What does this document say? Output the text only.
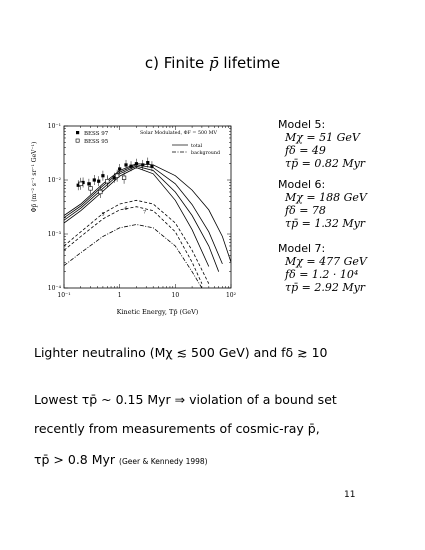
c) Finite p̄ lifetime
10⁻¹	1	10	10²
10⁻⁴
10⁻³
10⁻²
10⁻¹
Kinetic Energy, Tp̄ (GeV)
Φp̄ (m⁻² s⁻¹ sr⁻¹ GeV⁻¹)
BESS 97
BESS 95
Solar Modulated, ΦF = 500 MV
total
background
5
6
7
Model 5:
Mχ = 51 GeV
fδ = 49
τp̄ = 0.82 Myr
Model 6:
Mχ = 188 GeV
fδ = 78
τp̄ = 1.32 Myr
Model 7:
Mχ = 477 GeV
fδ = 1.2 · 10⁴
τp̄ = 2.92 Myr
Lighter neutralino (Mχ ≲ 500 GeV) and fδ ≳ 10
Lowest τp̄ ~ 0.15 Myr ⇒ violation of a bound set
recently from measurements of cosmic-ray p̄,
τp̄ > 0.8 Myr (Geer & Kennedy 1998)
11
